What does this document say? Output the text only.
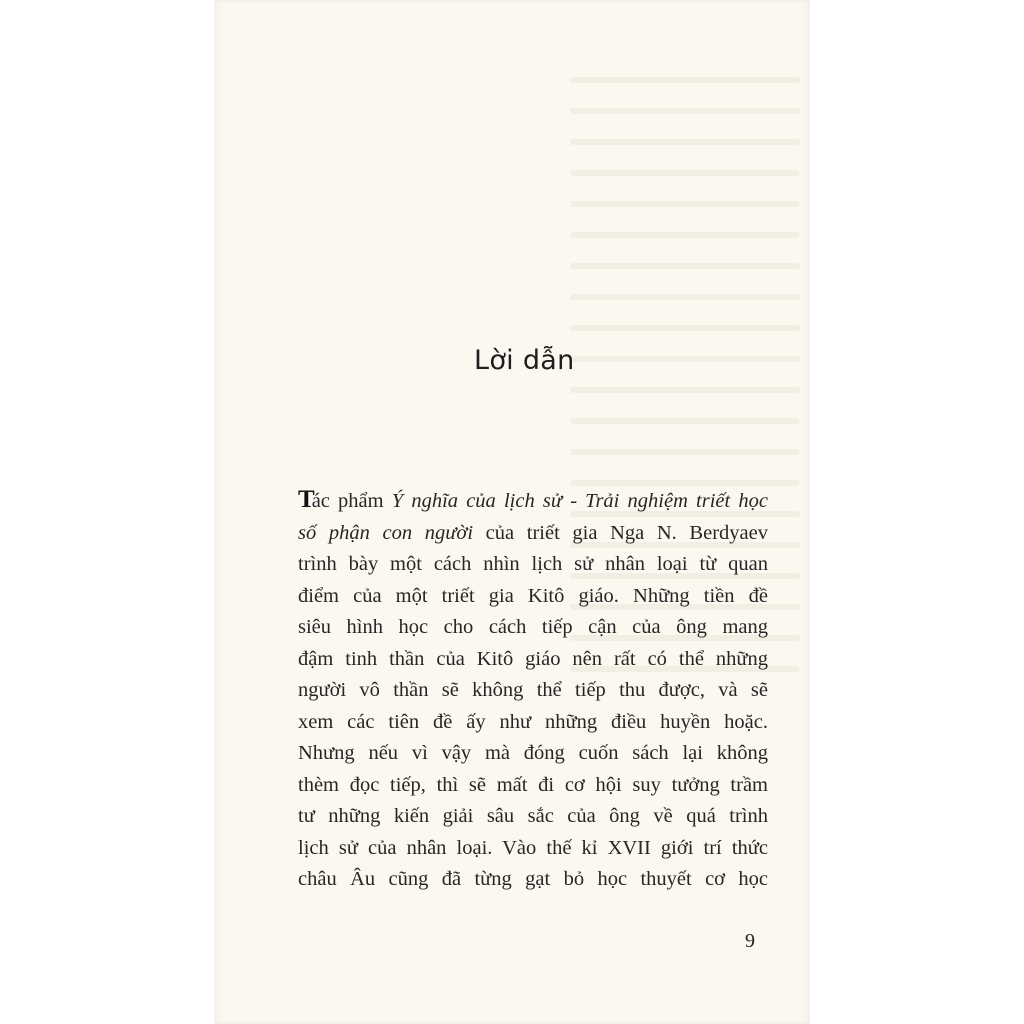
Lời dẫn
Tác phẩm Ý nghĩa của lịch sử - Trải nghiệm triết học
số phận con người của triết gia Nga N. Berdyaev
trình bày một cách nhìn lịch sử nhân loại từ quan
điểm của một triết gia Kitô giáo. Những tiền đề
siêu hình học cho cách tiếp cận của ông mang
đậm tinh thần của Kitô giáo nên rất có thể những
người vô thần sẽ không thể tiếp thu được, và sẽ
xem các tiên đề ấy như những điều huyền hoặc.
Nhưng nếu vì vậy mà đóng cuốn sách lại không
thèm đọc tiếp, thì sẽ mất đi cơ hội suy tưởng trầm
tư những kiến giải sâu sắc của ông về quá trình
lịch sử của nhân loại. Vào thế kỉ XVII giới trí thức
châu Âu cũng đã từng gạt bỏ học thuyết cơ học
9
